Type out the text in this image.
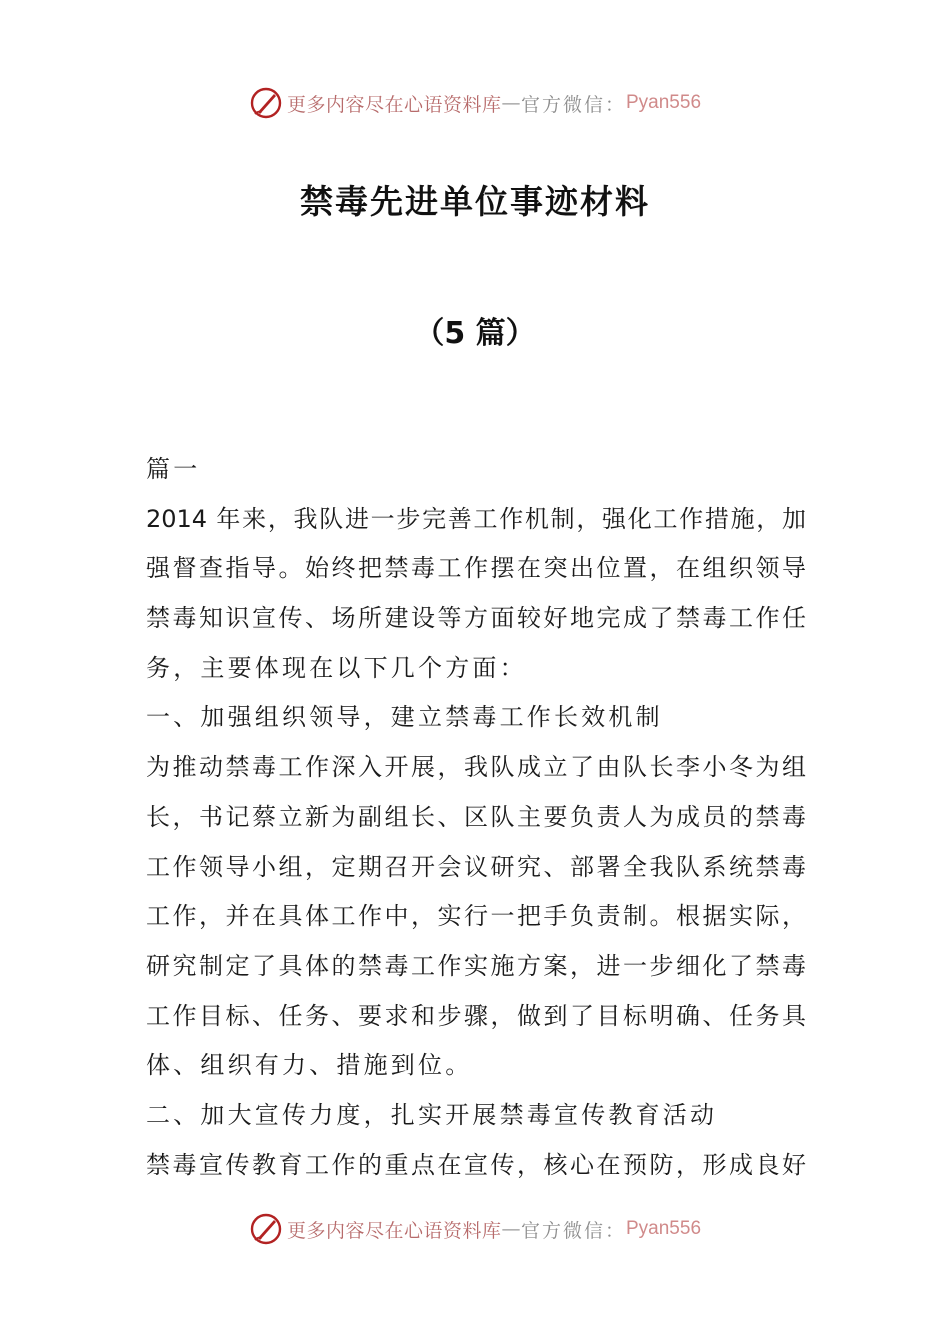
更多内容尽在心语资料库 — 官方微信： Pyan556
禁毒先进单位事迹材料
（5 篇）
篇一
2014 年来，我队进一步完善工作机制，强化工作措施，加
强督查指导。始终把禁毒工作摆在突出位置，在组织领导
禁毒知识宣传、场所建设等方面较好地完成了禁毒工作任
务，主要体现在以下几个方面：
一、加强组织领导，建立禁毒工作长效机制
为推动禁毒工作深入开展，我队成立了由队长李小冬为组
长，书记蔡立新为副组长、区队主要负责人为成员的禁毒
工作领导小组，定期召开会议研究、部署全我队系统禁毒
工作，并在具体工作中，实行一把手负责制。根据实际，
研究制定了具体的禁毒工作实施方案，进一步细化了禁毒
工作目标、任务、要求和步骤，做到了目标明确、任务具
体、组织有力、措施到位。
二、加大宣传力度，扎实开展禁毒宣传教育活动
禁毒宣传教育工作的重点在宣传，核心在预防，形成良好
更多内容尽在心语资料库 — 官方微信： Pyan556
